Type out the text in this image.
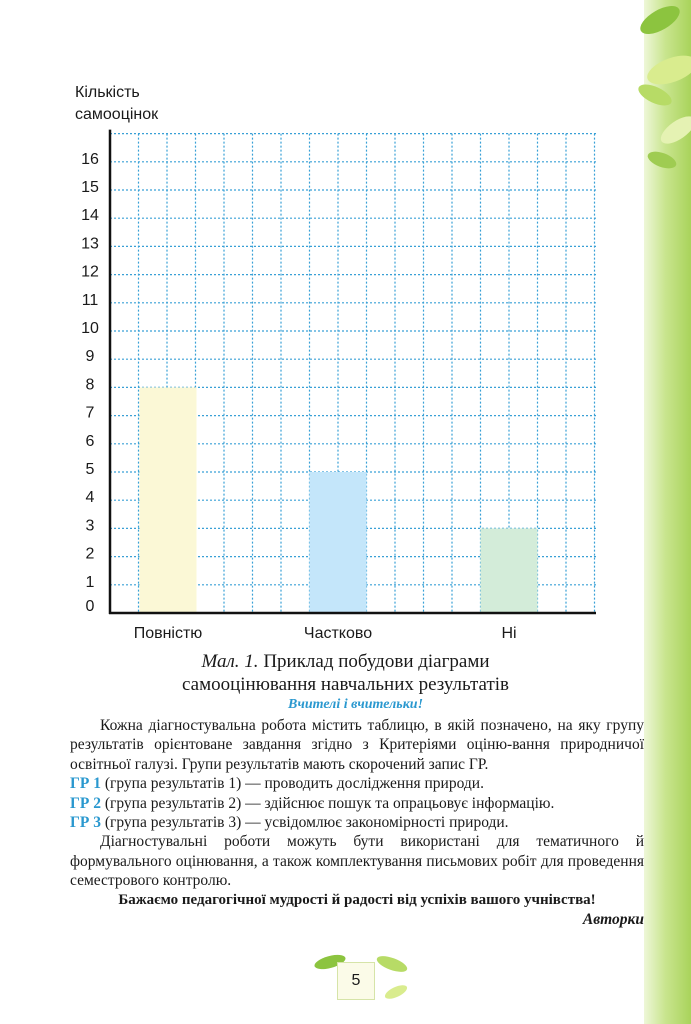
Кількість
самооцінок
0
1
2
3
4
5
6
7
8
9
10
11
12
13
14
15
16
Повністю	Частково	Ні
Мал. 1. Приклад побудови діаграми
самооцінювання навчальних результатів
Вчителі і вчительки!

Кожна діагностувальна робота містить таблицю, в якій позначено, на яку групу результатів орієнтоване завдання згідно з Критеріями оціню-вання природничої освітньої галузі. Групи результатів мають скорочений запис ГР.

ГР 1 (група результатів 1) — проводить дослідження природи.

ГР 2 (група результатів 2) — здійснює пошук та опрацьовує інформацію.

ГР 3 (група результатів 3) — усвідомлює закономірності природи.

Діагностувальні роботи можуть бути використані для тематичного й формувального оцінювання, а також комплектування письмових робіт для проведення семестрового контролю.

Бажаємо педагогічної мудрості й радості від успіхів вашого учнівства!

Авторки

5
